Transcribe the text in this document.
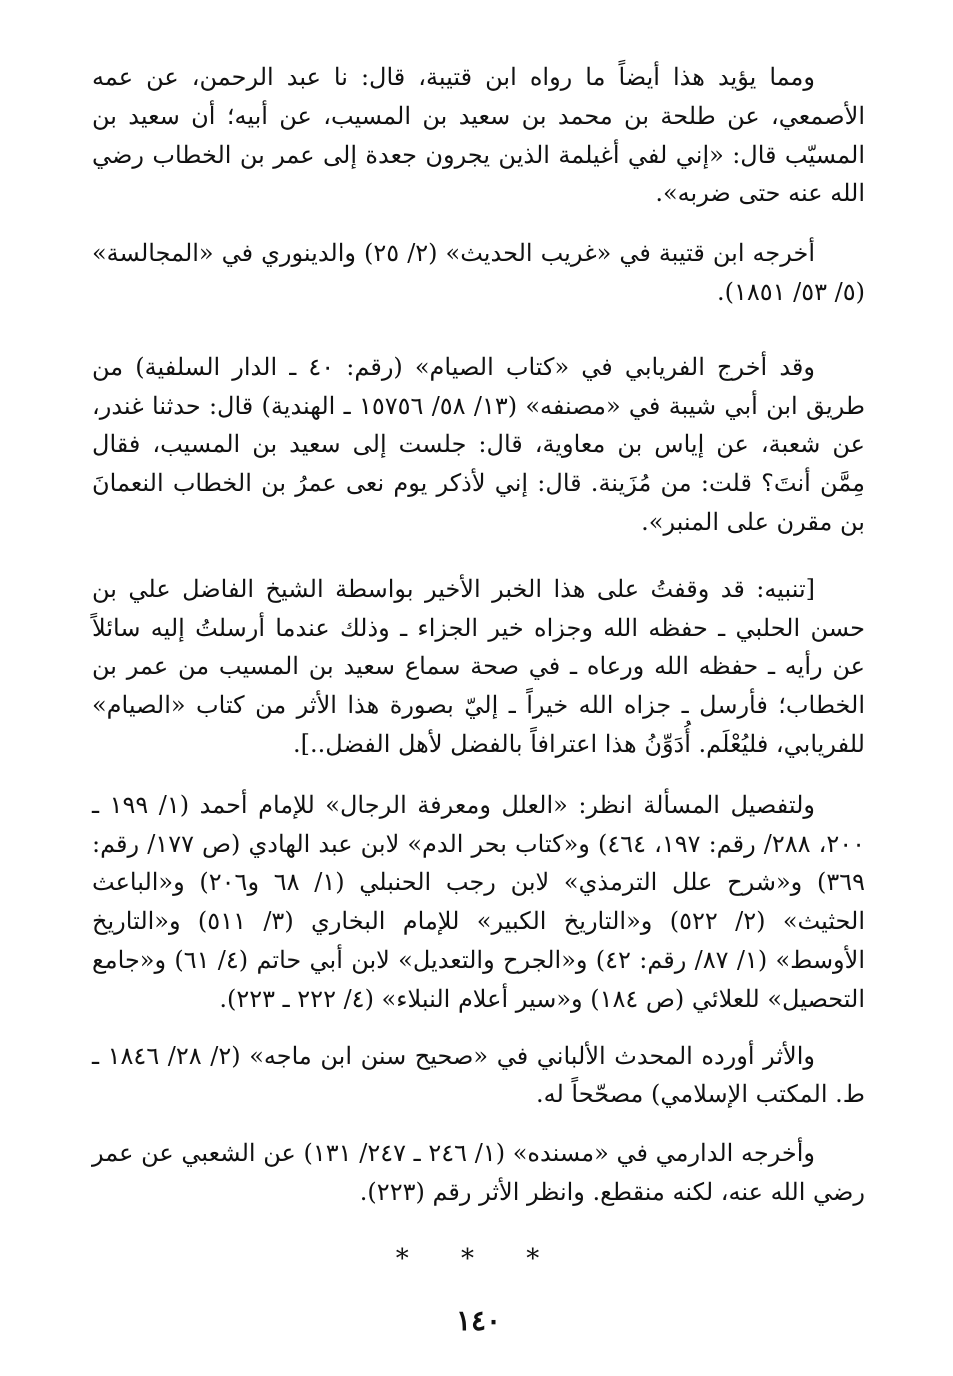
ومما يؤيد هذا أيضاً ما رواه ابن قتيبة، قال: نا عبد الرحمن، عن عمه الأصمعي، عن طلحة بن محمد بن سعيد بن المسيب، عن أبيه؛ أن سعيد بن المسيّب قال: «إني لفي أغيلمة الذين يجرون جعدة إلى عمر بن الخطاب رضي الله عنه حتى ضربه».

أخرجه ابن قتيبة في «غريب الحديث» (٢/ ٢٥) والدينوري في «المجالسة» (٥/ ٥٣/ ١٨٥١).

وقد أخرج الفريابي في «كتاب الصيام» (رقم: ٤٠ ـ الدار السلفية) من طريق ابن أبي شيبة في «مصنفه» (١٣/ ٥٨/ ١٥٧٥٦ ـ الهندية) قال: حدثنا غندر، عن شعبة، عن إياس بن معاوية، قال: جلست إلى سعيد بن المسيب، فقال مِمَّن أنتَ؟ قلت: من مُزَينة. قال: إني لأذكر يوم نعى عمرُ بن الخطاب النعمانَ بن مقرن على المنبر».

[تنبيه: قد وقفتُ على هذا الخبر الأخير بواسطة الشيخ الفاضل علي بن حسن الحلبي ـ حفظه الله وجزاه خير الجزاء ـ وذلك عندما أرسلتُ إليه سائلاً عن رأيه ـ حفظه الله ورعاه ـ في صحة سماع سعيد بن المسيب من عمر بن الخطاب؛ فأرسل ـ جزاه الله خيراً ـ إليّ بصورة هذا الأثر من كتاب «الصيام» للفريابي، فليُعْلَم. أُدَوِّنُ هذا اعترافاً بالفضل لأهل الفضل..].

ولتفصيل المسألة انظر: «العلل ومعرفة الرجال» للإمام أحمد (١/ ١٩٩ ـ ٢٠٠، ٢٨٨/ رقم: ١٩٧، ٤٦٤) و«كتاب بحر الدم» لابن عبد الهادي (ص ١٧٧/ رقم: ٣٦٩) و«شرح علل الترمذي» لابن رجب الحنبلي (١/ ٦٨ و٢٠٦) و«الباعث الحثيث» (٢/ ٥٢٢) و«التاريخ الكبير» للإمام البخاري (٣/ ٥١١) و«التاريخ الأوسط» (١/ ٨٧/ رقم: ٤٢) و«الجرح والتعديل» لابن أبي حاتم (٤/ ٦١) و«جامع التحصيل» للعلائي (ص ١٨٤) و«سير أعلام النبلاء» (٤/ ٢٢٢ ـ ٢٢٣).

والأثر أورده المحدث الألباني في «صحيح سنن ابن ماجه» (٢/ ٢٨/ ١٨٤٦ ـ ط. المكتب الإسلامي) مصحّحاً له.

وأخرجه الدارمي في «مسنده» (١/ ٢٤٦ ـ ٢٤٧/ ١٣١) عن الشعبي عن عمر رضي الله عنه، لكنه منقطع. وانظر الأثر رقم (٢٢٣).

* * *
١٤٠
